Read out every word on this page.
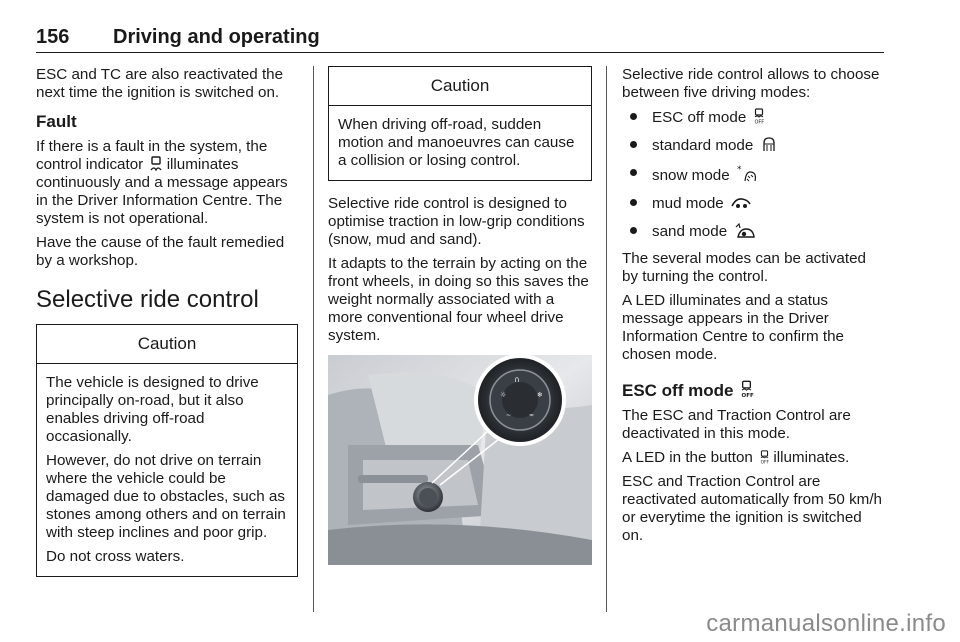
156 Driving and operating

ESC and TC are also reactivated the next time the ignition is switched on.

Fault

If there is a fault in the system, the control indicator illuminates continuously and a message appears in the Driver Information Centre. The system is not operational.

Have the cause of the fault remedied by a workshop.

Selective ride control
Caution

The vehicle is designed to drive principally on-road, but it also enables driving off-road occasionally.

However, do not drive on terrain where the vehicle could be damaged due to obstacles, such as stones among others and on terrain with steep inclines and poor grip.

Do not cross waters.

Caution

When driving off-road, sudden motion and manoeuvres can cause a collision or losing control.

Selective ride control is designed to optimise traction in low-grip conditions (snow, mud and sand).

It adapts to the terrain by acting on the front wheels, in doing so this saves the weight normally associated with a more conventional four wheel drive system.

∩
❄
☼
~	≈

Selective ride control allows to choose between five driving modes:

ESC off mode OFF
standard mode
snow mode *
mud mode
sand mode

The several modes can be activated by turning the control.

A LED illuminates and a status message appears in the Driver Information Centre to confirm the chosen mode.

ESC off mode OFF

The ESC and Traction Control are deactivated in this mode.

A LED in the button OFF illuminates.

ESC and Traction Control are reactivated automatically from 50 km/h or everytime the ignition is switched on.

carmanualsonline.info
